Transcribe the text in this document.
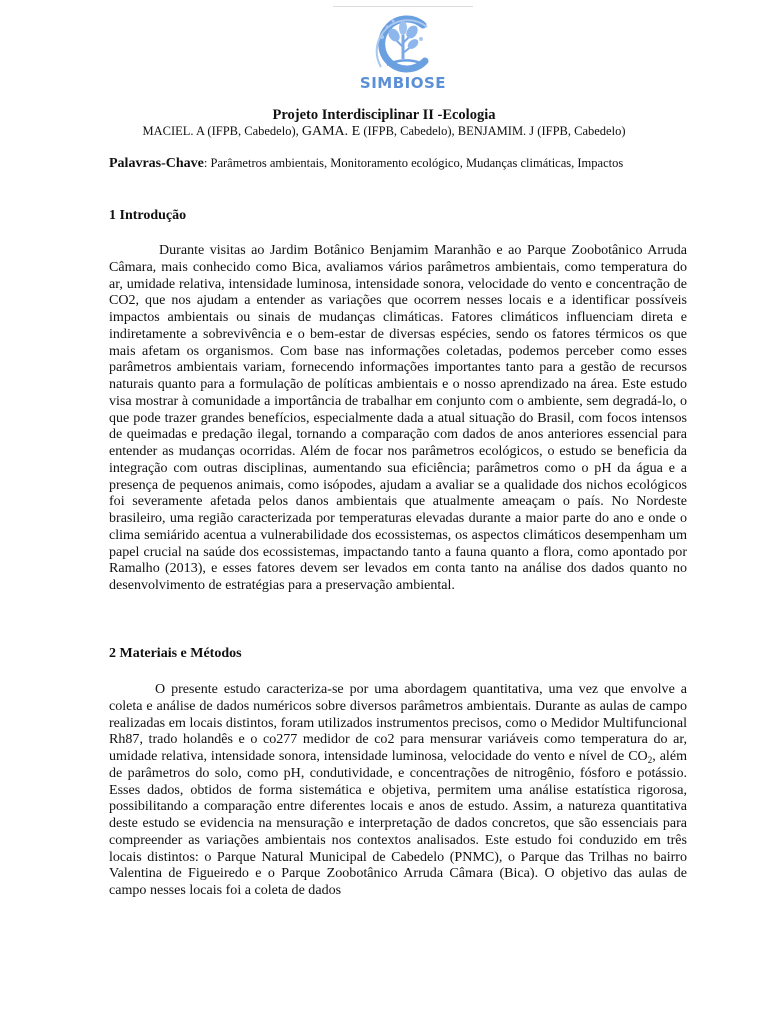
SIMBIOSE
Projeto Interdisciplinar II -Ecologia
MACIEL. A (IFPB, Cabedelo), GAMA. E (IFPB, Cabedelo), BENJAMIM. J (IFPB, Cabedelo)
Palavras-Chave: Parâmetros ambientais, Monitoramento ecológico, Mudanças climáticas, Impactos
1 Introdução

Durante visitas ao Jardim Botânico Benjamim Maranhão e ao Parque Zoobotânico Arruda Câmara, mais conhecido como Bica, avaliamos vários parâmetros ambientais, como temperatura do ar, umidade relativa, intensidade luminosa, intensidade sonora, velocidade do vento e concentração de CO2, que nos ajudam a entender as variações que ocorrem nesses locais e a identificar possíveis impactos ambientais ou sinais de mudanças climáticas. Fatores climáticos influenciam direta e indiretamente a sobrevivência e o bem-estar de diversas espécies, sendo os fatores térmicos os que mais afetam os organismos. Com base nas informações coletadas, podemos perceber como esses parâmetros ambientais variam, fornecendo informações importantes tanto para a gestão de recursos naturais quanto para a formulação de políticas ambientais e o nosso aprendizado na área. Este estudo visa mostrar à comunidade a importância de trabalhar em conjunto com o ambiente, sem degradá-lo, o que pode trazer grandes benefícios, especialmente dada a atual situação do Brasil, com focos intensos de queimadas e predação ilegal, tornando a comparação com dados de anos anteriores essencial para entender as mudanças ocorridas. Além de focar nos parâmetros ecológicos, o estudo se beneficia da integração com outras disciplinas, aumentando sua eficiência; parâmetros como o pH da água e a presença de pequenos animais, como isópodes, ajudam a avaliar se a qualidade dos nichos ecológicos foi severamente afetada pelos danos ambientais que atualmente ameaçam o país. No Nordeste brasileiro, uma região caracterizada por temperaturas elevadas durante a maior parte do ano e onde o clima semiárido acentua a vulnerabilidade dos ecossistemas, os aspectos climáticos desempenham um papel crucial na saúde dos ecossistemas, impactando tanto a fauna quanto a flora, como apontado por Ramalho (2013), e esses fatores devem ser levados em conta tanto na análise dos dados quanto no desenvolvimento de estratégias para a preservação ambiental.

2 Materiais e Métodos

O presente estudo caracteriza-se por uma abordagem quantitativa, uma vez que envolve a coleta e análise de dados numéricos sobre diversos parâmetros ambientais. Durante as aulas de campo realizadas em locais distintos, foram utilizados instrumentos precisos, como o Medidor Multifuncional Rh87, trado holandês e o co277 medidor de co2 para mensurar variáveis como temperatura do ar, umidade relativa, intensidade sonora, intensidade luminosa, velocidade do vento e nível de $CO_2$, além de parâmetros do solo, como pH, condutividade, e concentrações de nitrogênio, fósforo e potássio. Esses dados, obtidos de forma sistemática e objetiva, permitem uma análise estatística rigorosa, possibilitando a comparação entre diferentes locais e anos de estudo. Assim, a natureza quantitativa deste estudo se evidencia na mensuração e interpretação de dados concretos, que são essenciais para compreender as variações ambientais nos contextos analisados. Este estudo foi conduzido em três locais distintos: o Parque Natural Municipal de Cabedelo (PNMC), o Parque das Trilhas no bairro Valentina de Figueiredo e o Parque Zoobotânico Arruda Câmara (Bica). O objetivo das aulas de campo nesses locais foi a coleta de dados
